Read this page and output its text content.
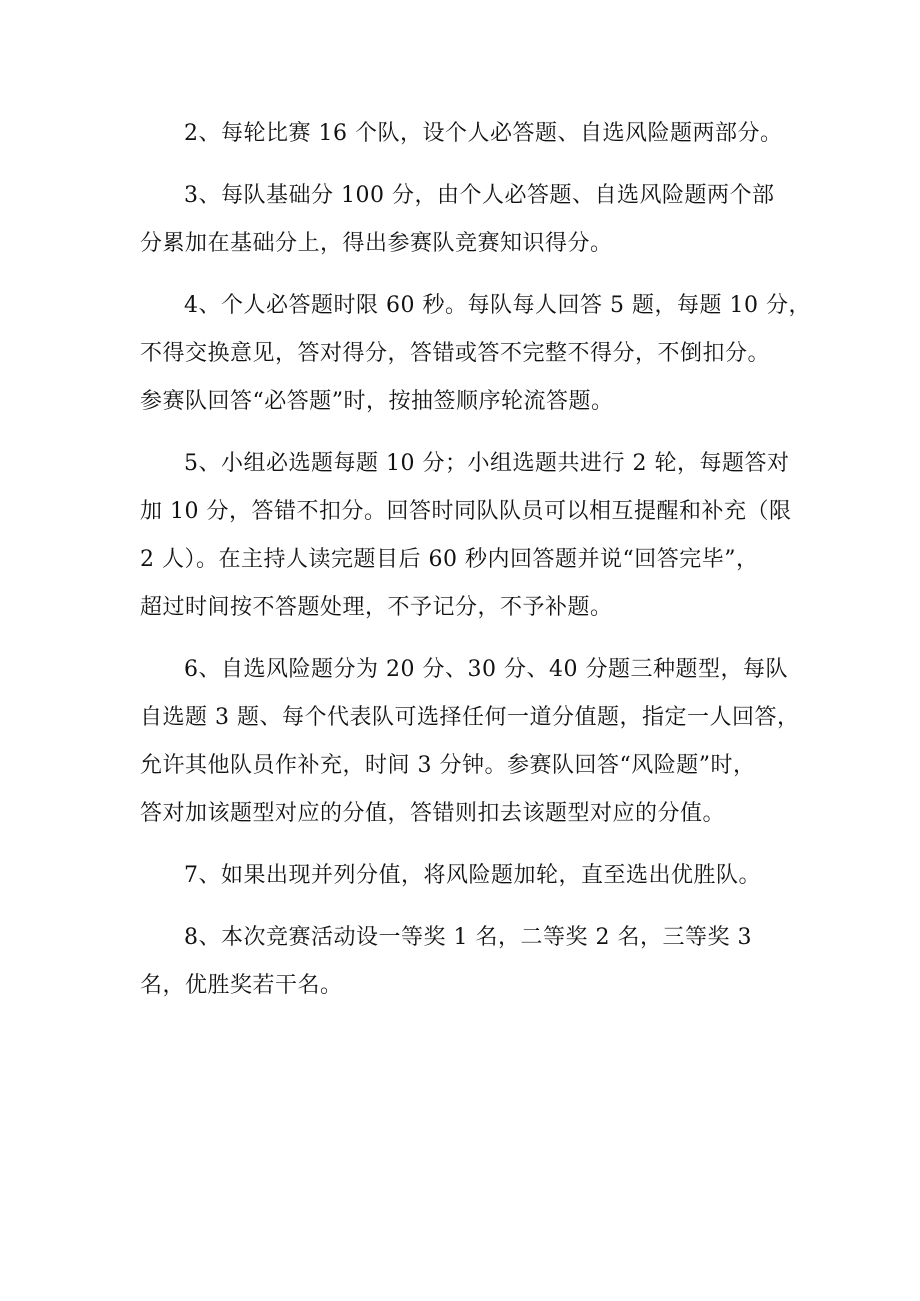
2、每轮比赛 16 个队，设个人必答题、自选风险题两部分。
3、每队基础分 100 分，由个人必答题、自选风险题两个部
分累加在基础分上，得出参赛队竞赛知识得分。
4、个人必答题时限 60 秒。每队每人回答 5 题，每题 10 分，
不得交换意见，答对得分，答错或答不完整不得分，不倒扣分。
参赛队回答“必答题”时，按抽签顺序轮流答题。
5、小组必选题每题 10 分；小组选题共进行 2 轮，每题答对
加 10 分，答错不扣分。回答时同队队员可以相互提醒和补充（限
2 人）。在主持人读完题目后 60 秒内回答题并说“回答完毕”，
超过时间按不答题处理，不予记分，不予补题。
6、自选风险题分为 20 分、30 分、40 分题三种题型，每队
自选题 3 题、每个代表队可选择任何一道分值题，指定一人回答，
允许其他队员作补充，时间 3 分钟。参赛队回答“风险题”时，
答对加该题型对应的分值，答错则扣去该题型对应的分值。
7、如果出现并列分值，将风险题加轮，直至选出优胜队。
8、本次竞赛活动设一等奖 1 名，二等奖 2 名，三等奖 3
名，优胜奖若干名。
